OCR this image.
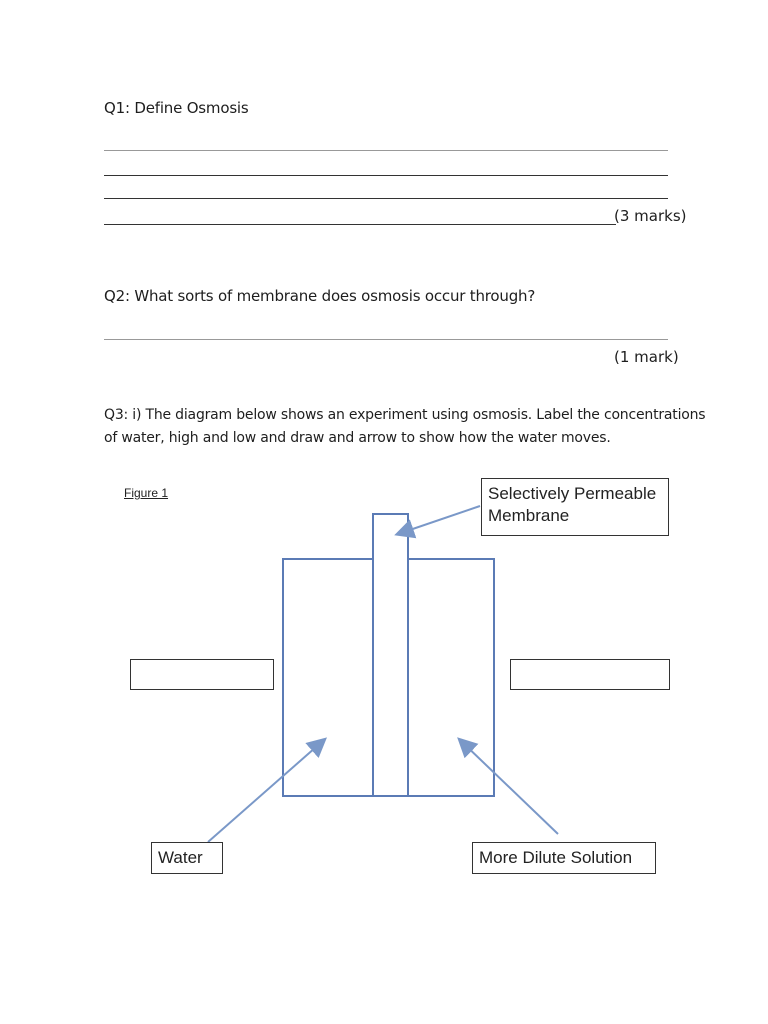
Q1: Define Osmosis
(3 marks)
Q2: What sorts of membrane does osmosis occur through?
(1 mark)
Q3: i) The diagram below shows an experiment using osmosis. Label the concentrations
of water, high and low and draw and arrow to show how the water moves.
Figure 1	Selectively Permeable
Membrane
Water	More Dilute Solution
